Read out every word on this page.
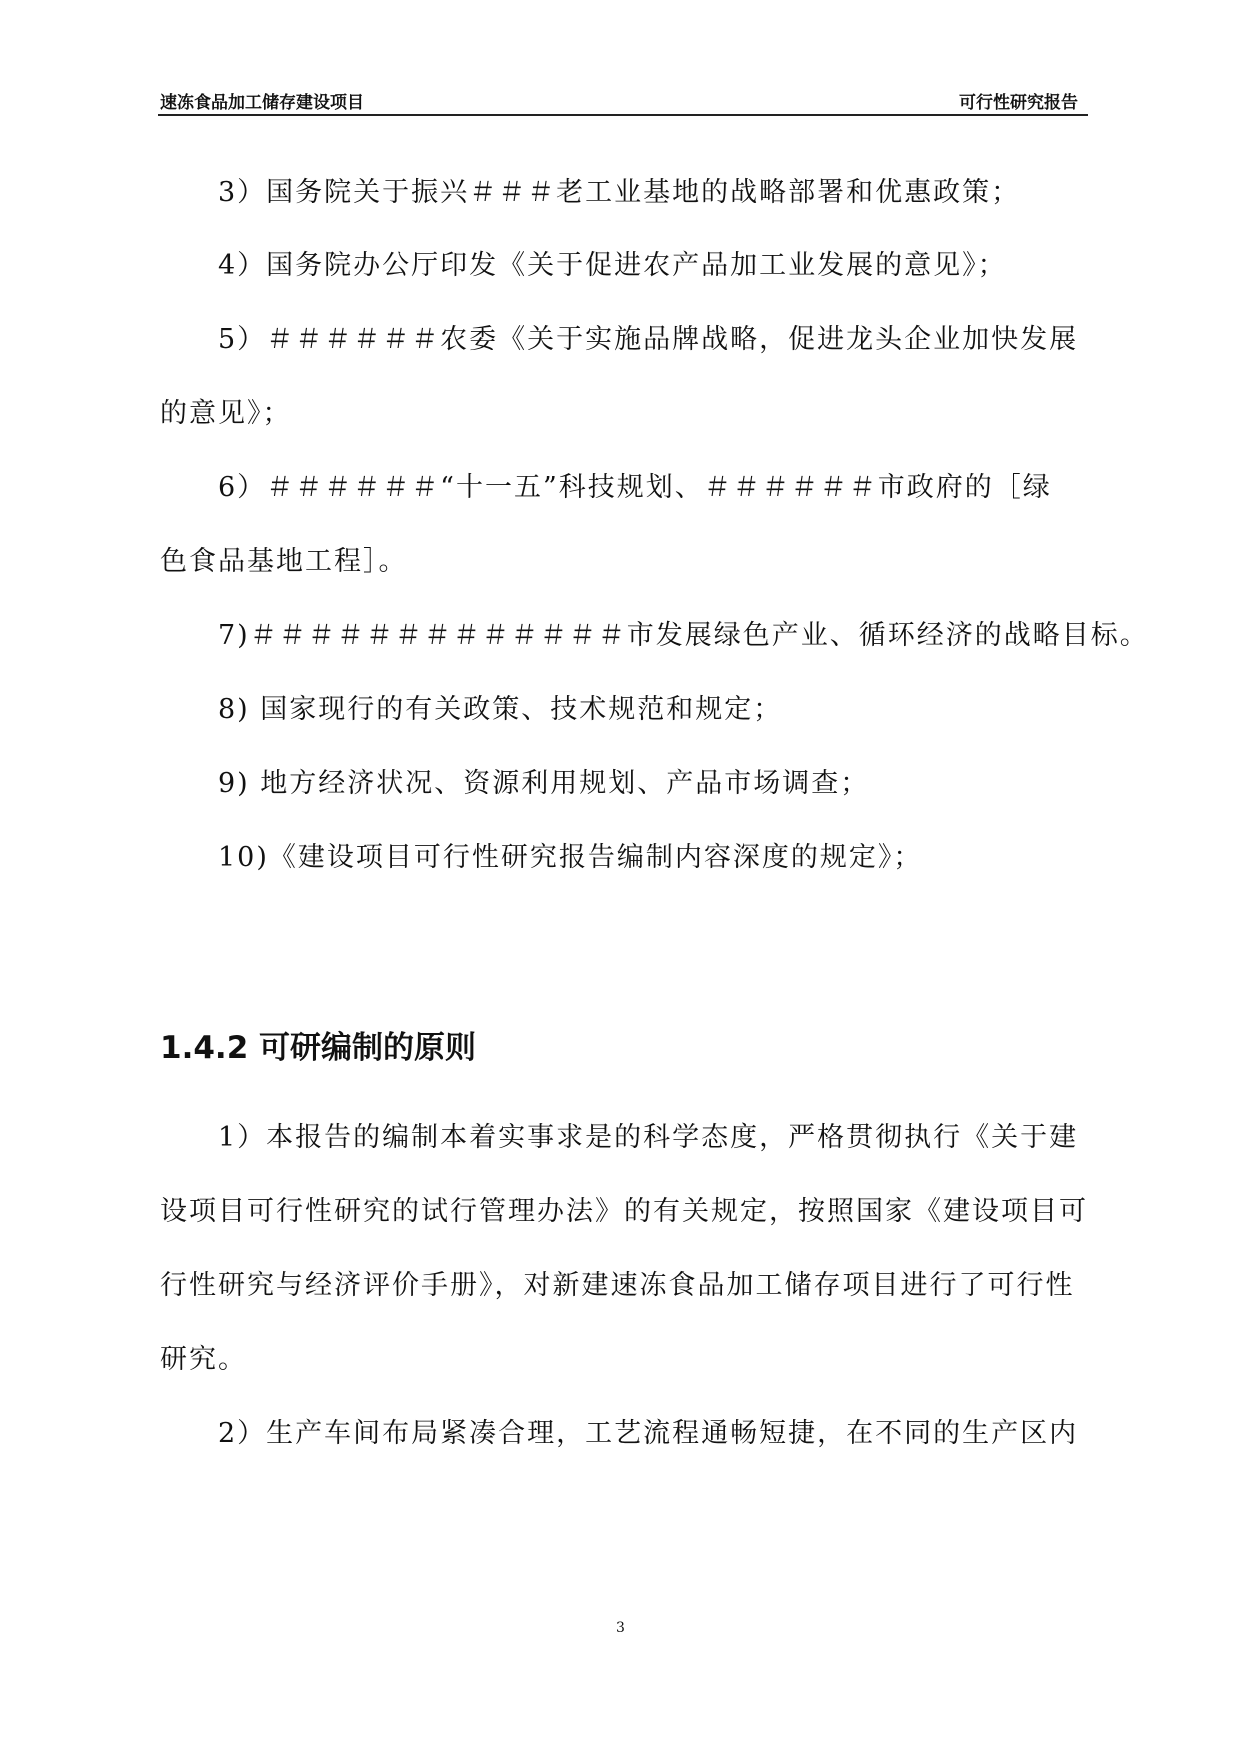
速冻食品加工储存建设项目	可行性研究报告
　　3）国务院关于振兴＃＃＃老工业基地的战略部署和优惠政策；
　　4）国务院办公厅印发《关于促进农产品加工业发展的意见》；
　　5）＃＃＃＃＃＃农委《关于实施品牌战略，促进龙头企业加快发展
的意见》；
　　6）＃＃＃＃＃＃“十一五”科技规划、＃＃＃＃＃＃市政府的［绿
色食品基地工程］。
　　7)＃＃＃＃＃＃＃＃＃＃＃＃＃市发展绿色产业、循环经济的战略目标。
　　8) 国家现行的有关政策、技术规范和规定；
　　9) 地方经济状况、资源利用规划、产品市场调查；
　　10)《建设项目可行性研究报告编制内容深度的规定》；
1.4.2 可研编制的原则
　　1）本报告的编制本着实事求是的科学态度，严格贯彻执行《关于建
设项目可行性研究的试行管理办法》的有关规定，按照国家《建设项目可
行性研究与经济评价手册》，对新建速冻食品加工储存项目进行了可行性
研究。
　　2）生产车间布局紧凑合理，工艺流程通畅短捷，在不同的生产区内
3
